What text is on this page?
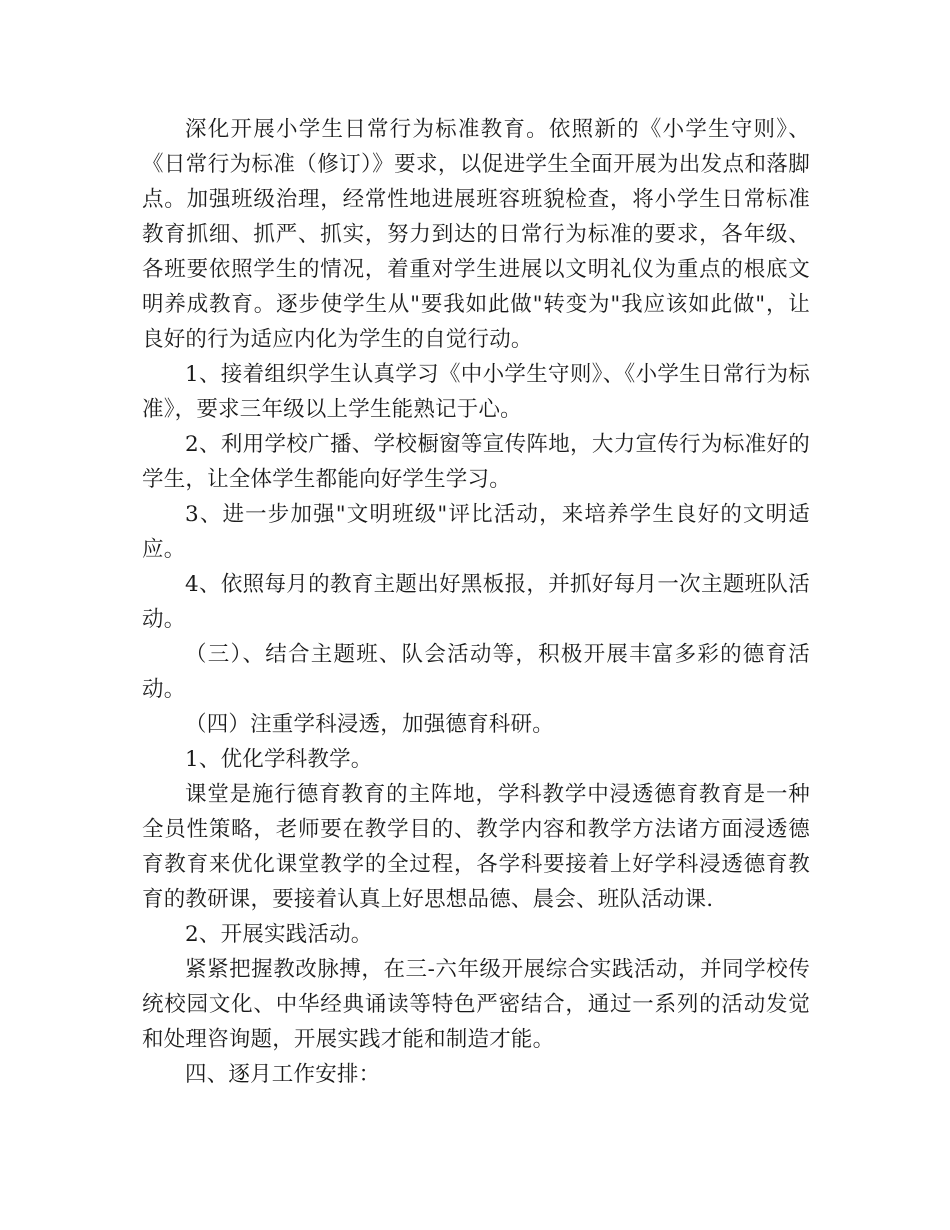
深化开展小学生日常行为标准教育。依照新的《小学生守则》、《日常行为标准（修订）》要求，以促进学生全面开展为出发点和落脚点。加强班级治理，经常性地进展班容班貌检查，将小学生日常标准教育抓细、抓严、抓实，努力到达的日常行为标准的要求，各年级、各班要依照学生的情况，着重对学生进展以文明礼仪为重点的根底文明养成教育。逐步使学生从"要我如此做"转变为"我应该如此做"，让良好的行为适应内化为学生的自觉行动。

1、接着组织学生认真学习《中小学生守则》、《小学生日常行为标准》，要求三年级以上学生能熟记于心。

2、利用学校广播、学校橱窗等宣传阵地，大力宣传行为标准好的学生，让全体学生都能向好学生学习。

3、进一步加强"文明班级"评比活动，来培养学生良好的文明适应。

4、依照每月的教育主题出好黑板报，并抓好每月一次主题班队活动。

（三）、结合主题班、队会活动等，积极开展丰富多彩的德育活动。

（四）注重学科浸透，加强德育科研。

1、优化学科教学。

课堂是施行德育教育的主阵地，学科教学中浸透德育教育是一种全员性策略，老师要在教学目的、教学内容和教学方法诸方面浸透德育教育来优化课堂教学的全过程，各学科要接着上好学科浸透德育教育的教研课，要接着认真上好思想品德、晨会、班队活动课.

2、开展实践活动。

紧紧把握教改脉搏，在三-六年级开展综合实践活动，并同学校传统校园文化、中华经典诵读等特色严密结合，通过一系列的活动发觉和处理咨询题，开展实践才能和制造才能。

四、逐月工作安排：
